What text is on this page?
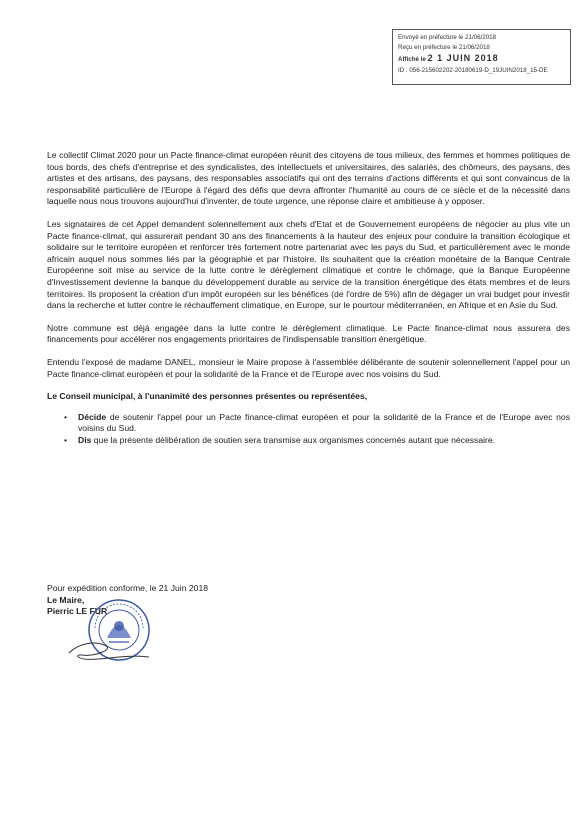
Envoyé en préfecture le 21/06/2018
Reçu en préfecture le 21/06/2018
Affiché le 2 1 JUIN 2018
ID : 056-215602202-20180619-D_19JUIN2018_15-DE

Le collectif Climat 2020 pour un Pacte finance-climat européen réunit des citoyens de tous milieux, des femmes et hommes politiques de tous bords, des chefs d'entreprise et des syndicalistes, des intellectuels et universitaires, des salariés, des chômeurs, des paysans, des artistes et des artisans, des paysans, des responsables associatifs qui ont des terrains d'actions différents et qui sont convaincus de la responsabilité particulière de l'Europe à l'égard des défis que devra affronter l'humanité au cours de ce siècle et de la nécessité dans laquelle nous nous trouvons aujourd'hui d'inventer, de toute urgence, une réponse claire et ambitieuse à y opposer.

Les signataires de cet Appel demandent solennellement aux chefs d'Etat et de Gouvernement européens de négocier au plus vite un Pacte finance-climat, qui assurerait pendant 30 ans des financements à la hauteur des enjeux pour conduire la transition écologique et solidaire sur le territoire européen et renforcer très fortement notre partenariat avec les pays du Sud, et particulièrement avec le monde africain auquel nous sommes liés par la géographie et par l'histoire. Ils souhaitent que la création monétaire de la Banque Centrale Européenne soit mise au service de la lutte contre le dérèglement climatique et contre le chômage, que la Banque Européenne d'Investissement devienne la banque du développement durable au service de la transition énergétique des états membres et de leurs territoires. Ils proposent la création d'un impôt européen sur les bénéfices (de l'ordre de 5%) afin de dégager un vrai budget pour investir dans la recherche et lutter contre le réchauffement climatique, en Europe, sur le pourtour méditerranéen, en Afrique et en Asie du Sud.

Notre commune est déjà engagée dans la lutte contre le dérèglement climatique. Le Pacte finance-climat nous assurera des financements pour accélérer nos engagements prioritaires de l'indispensable transition énergétique.

Entendu l'exposé de madame DANEL, monsieur le Maire propose à l'assemblée délibérante de soutenir solennellement l'appel pour un Pacte finance-climat européen et pour la solidarité de la France et de l'Europe avec nos voisins du Sud.

Le Conseil municipal, à l'unanimité des personnes présentes ou représentées,
• Décide de soutenir l'appel pour un Pacte finance-climat européen et pour la solidarité de la France et de l'Europe avec nos voisins du Sud.
• Dis que la présente délibération de soutien sera transmise aux organismes concernés autant que nécessaire.
Pour expédition conforme, le 21 Juin 2018
Le Maire,
Pierric LE FUR
